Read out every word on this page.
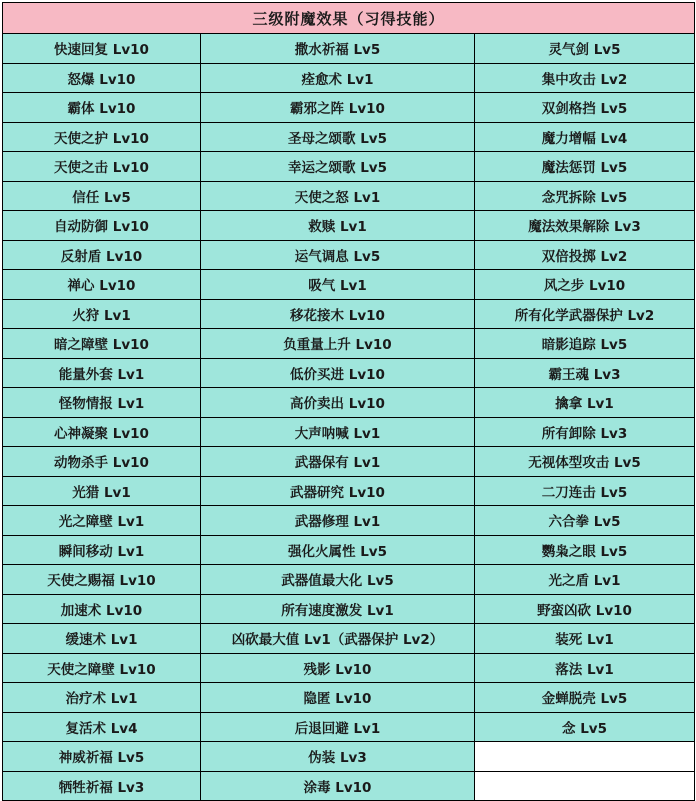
三级附魔效果（习得技能）		
快速回复 Lv10	撒水祈福 Lv5	灵气剑 Lv5
怒爆 Lv10	痊愈术 Lv1	集中攻击 Lv2
霸体 Lv10	霸邪之阵 Lv10	双剑格挡 Lv5
天使之护 Lv10	圣母之颂歌 Lv5	魔力增幅 Lv4
天使之击 Lv10	幸运之颂歌 Lv5	魔法惩罚 Lv5
信任 Lv5	天使之怒 Lv1	念咒拆除 Lv5
自动防御 Lv10	救赎 Lv1	魔法效果解除 Lv3
反射盾 Lv10	运气调息 Lv5	双倍投掷 Lv2
禅心 Lv10	吸气 Lv1	风之步 Lv10
火狩 Lv1	移花接木 Lv10	所有化学武器保护 Lv2
暗之障壁 Lv10	负重量上升 Lv10	暗影追踪 Lv5
能量外套 Lv1	低价买进 Lv10	霸王魂 Lv3
怪物情报 Lv1	高价卖出 Lv10	擒拿 Lv1
心神凝聚 Lv10	大声呐喊 Lv1	所有卸除 Lv3
动物杀手 Lv10	武器保有 Lv1	无视体型攻击 Lv5
光猎 Lv1	武器研究 Lv10	二刀连击 Lv5
光之障壁 Lv1	武器修理 Lv1	六合拳 Lv5
瞬间移动 Lv1	强化火属性 Lv5	鹦枭之眼 Lv5
天使之赐福 Lv10	武器值最大化 Lv5	光之盾 Lv1
加速术 Lv10	所有速度激发 Lv1	野蛮凶砍 Lv10
缓速术 Lv1	凶砍最大值 Lv1（武器保护 Lv2）	装死 Lv1
天使之障壁 Lv10	残影 Lv10	落法 Lv1
治疗术 Lv1	隐匿 Lv10	金蝉脱壳 Lv5
复活术 Lv4	后退回避 Lv1	念 Lv5
神威祈福 Lv5	伪装 Lv3	
牺牲祈福 Lv3	涂毒 Lv10	
